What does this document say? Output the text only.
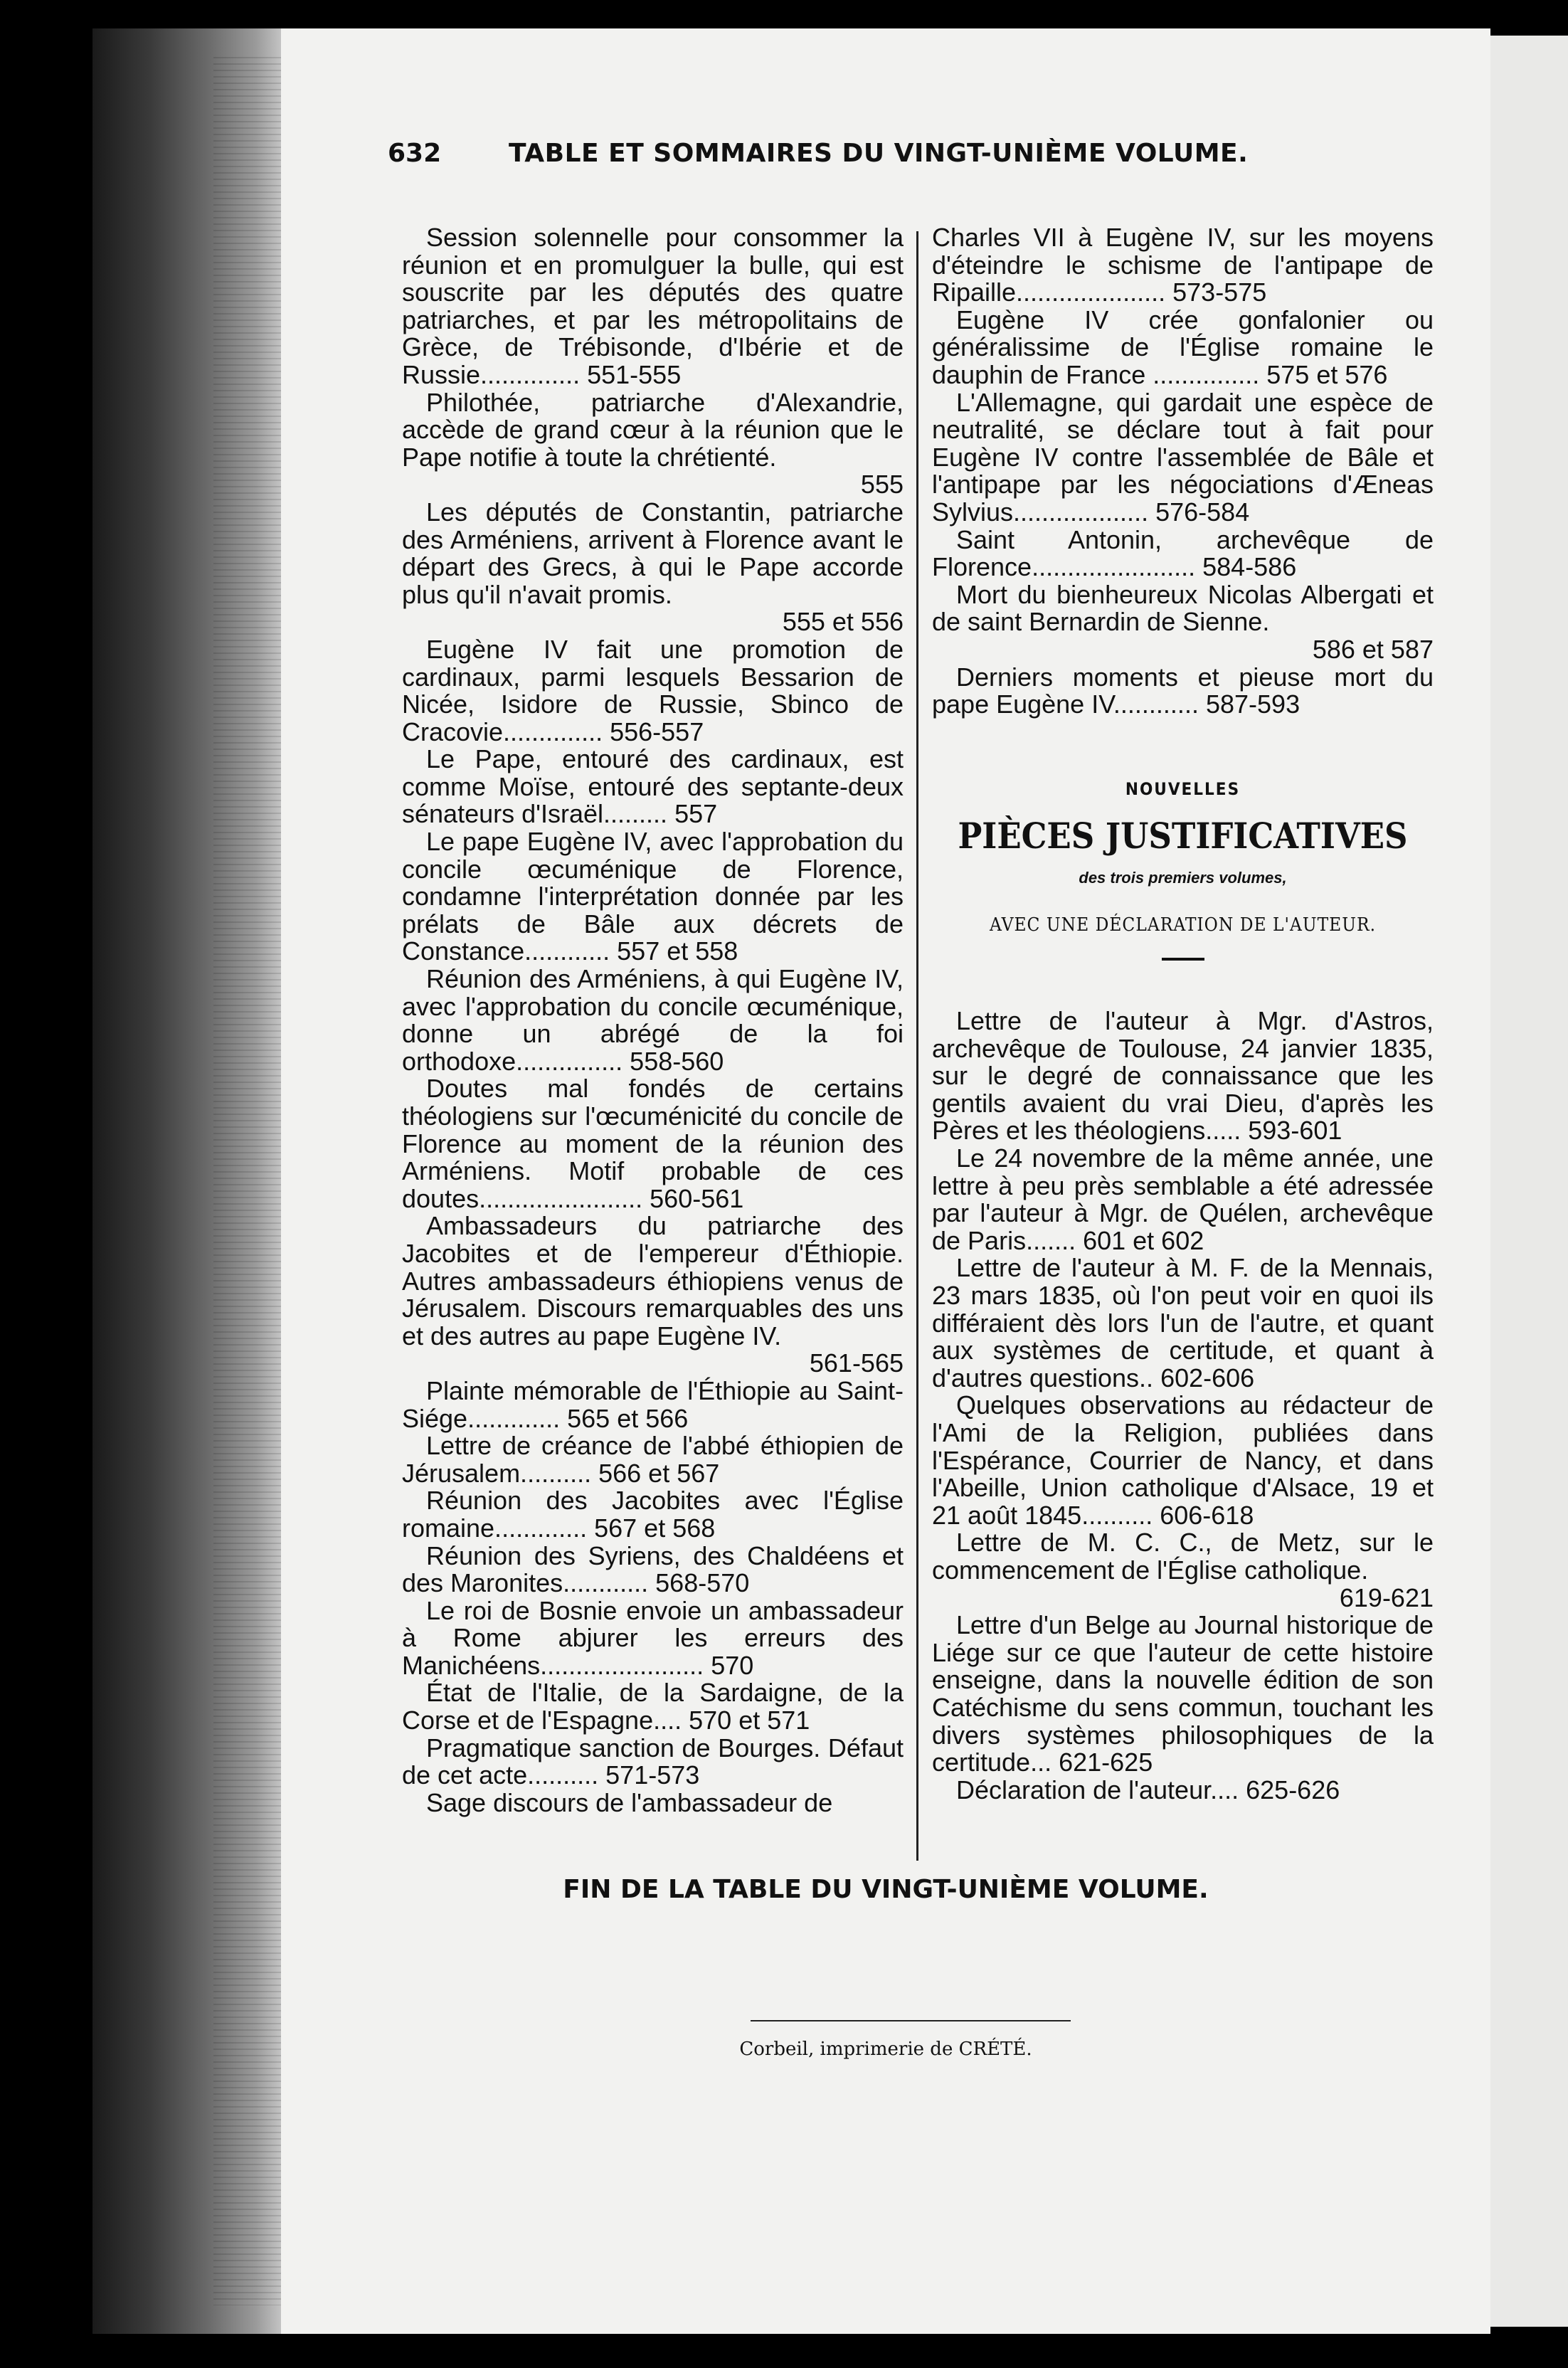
632	TABLE ET SOMMAIRES DU VINGT-UNIÈME VOLUME.

Session solennelle pour consommer la réunion et en promulguer la bulle, qui est souscrite par les députés des quatre patriarches, et par les métropolitains de Grèce, de Trébisonde, d'Ibérie et de Russie.............. 551-555

Philothée, patriarche d'Alexandrie, accède de grand cœur à la réunion que le Pape notifie à toute la chrétienté.

555

Les députés de Constantin, patriarche des Arméniens, arrivent à Florence avant le départ des Grecs, à qui le Pape accorde plus qu'il n'avait promis.

555 et 556

Eugène IV fait une promotion de cardinaux, parmi lesquels Bessarion de Nicée, Isidore de Russie, Sbinco de Cracovie.............. 556-557

Le Pape, entouré des cardinaux, est comme Moïse, entouré des septante-deux sénateurs d'Israël......... 557

Le pape Eugène IV, avec l'approbation du concile œcuménique de Florence, condamne l'interprétation donnée par les prélats de Bâle aux décrets de Constance............ 557 et 558

Réunion des Arméniens, à qui Eugène IV, avec l'approbation du concile œcuménique, donne un abrégé de la foi orthodoxe............... 558-560

Doutes mal fondés de certains théologiens sur l'œcuménicité du concile de Florence au moment de la réunion des Arméniens. Motif probable de ces doutes....................... 560-561

Ambassadeurs du patriarche des Jacobites et de l'empereur d'Éthiopie. Autres ambassadeurs éthiopiens venus de Jérusalem. Discours remarquables des uns et des autres au pape Eugène IV.

561-565

Plainte mémorable de l'Éthiopie au Saint-Siége............. 565 et 566

Lettre de créance de l'abbé éthiopien de Jérusalem.......... 566 et 567

Réunion des Jacobites avec l'Église romaine............. 567 et 568

Réunion des Syriens, des Chaldéens et des Maronites............ 568-570

Le roi de Bosnie envoie un ambassadeur à Rome abjurer les erreurs des Manichéens....................... 570

État de l'Italie, de la Sardaigne, de la Corse et de l'Espagne.... 570 et 571

Pragmatique sanction de Bourges. Défaut de cet acte.......... 571-573

Sage discours de l'ambassadeur de

Charles VII à Eugène IV, sur les moyens d'éteindre le schisme de l'antipape de Ripaille..................... 573-575

Eugène IV crée gonfalonier ou généralissime de l'Église romaine le dauphin de France ............... 575 et 576

L'Allemagne, qui gardait une espèce de neutralité, se déclare tout à fait pour Eugène IV contre l'assemblée de Bâle et l'antipape par les négociations d'Æneas Sylvius................... 576-584

Saint Antonin, archevêque de Florence....................... 584-586

Mort du bienheureux Nicolas Albergati et de saint Bernardin de Sienne.

586 et 587

Derniers moments et pieuse mort du pape Eugène IV............ 587-593

NOUVELLES
PIÈCES JUSTIFICATIVES
des trois premiers volumes,
AVEC UNE DÉCLARATION DE L'AUTEUR.

Lettre de l'auteur à Mgr. d'Astros, archevêque de Toulouse, 24 janvier 1835, sur le degré de connaissance que les gentils avaient du vrai Dieu, d'après les Pères et les théologiens..... 593-601

Le 24 novembre de la même année, une lettre à peu près semblable a été adressée par l'auteur à Mgr. de Quélen, archevêque de Paris....... 601 et 602

Lettre de l'auteur à M. F. de la Mennais, 23 mars 1835, où l'on peut voir en quoi ils différaient dès lors l'un de l'autre, et quant aux systèmes de certitude, et quant à d'autres questions.. 602-606

Quelques observations au rédacteur de l'Ami de la Religion, publiées dans l'Espérance, Courrier de Nancy, et dans l'Abeille, Union catholique d'Alsace, 19 et 21 août 1845.......... 606-618

Lettre de M. C. C., de Metz, sur le commencement de l'Église catholique.

619-621

Lettre d'un Belge au Journal historique de Liége sur ce que l'auteur de cette histoire enseigne, dans la nouvelle édition de son Catéchisme du sens commun, touchant les divers systèmes philosophiques de la certitude... 621-625

Déclaration de l'auteur.... 625-626

FIN DE LA TABLE DU VINGT-UNIÈME VOLUME.
Corbeil, imprimerie de CRÉTÉ.
